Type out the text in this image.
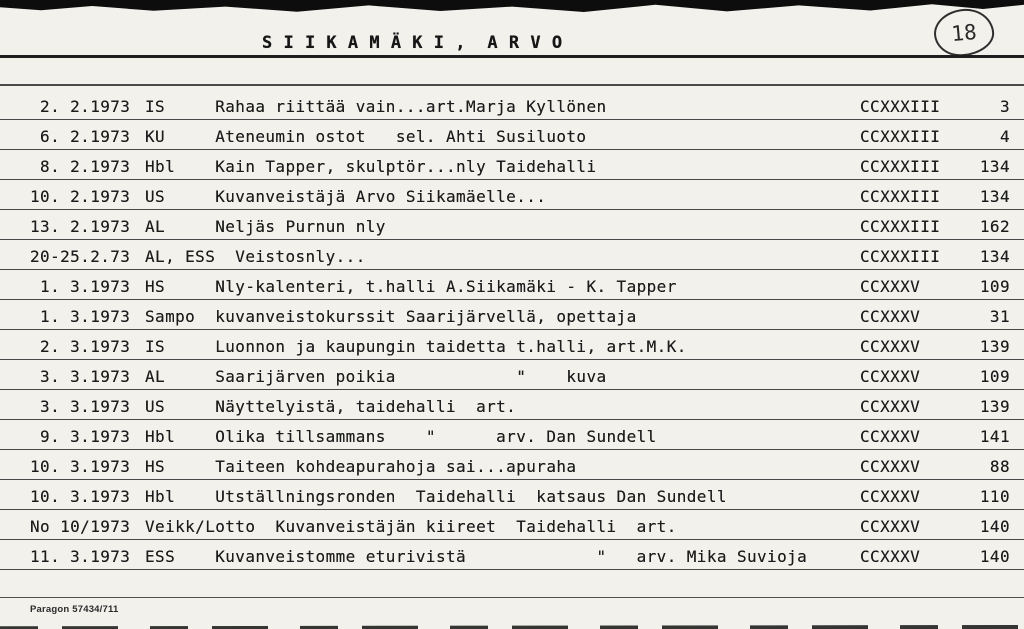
S I I K A M Ä K I ,  A R V O	18
2. 2.1973 IS     Rahaa riittää vain...art.Marja Kyllönen	CCXXXIII	3
6. 2.1973 KU     Ateneumin ostot   sel. Ahti Susiluoto	CCXXXIII	4
8. 2.1973 Hbl    Kain Tapper, skulptör...nly Taidehalli	CCXXXIII	134
10. 2.1973 US     Kuvanveistäjä Arvo Siikamäelle...	CCXXXIII	134
13. 2.1973 AL     Neljäs Purnun nly	CCXXXIII	162
20-25.2.73 AL, ESS  Veistosnly...	CCXXXIII	134
1. 3.1973 HS     Nly-kalenteri, t.halli A.Siikamäki - K. Tapper	CCXXXV	109
1. 3.1973 Sampo  kuvanveistokurssit Saarijärvellä, opettaja	CCXXXV	31
2. 3.1973 IS     Luonnon ja kaupungin taidetta t.halli, art.M.K.	CCXXXV	139
3. 3.1973 AL     Saarijärven poikia            "    kuva	CCXXXV	109
3. 3.1973 US     Näyttelyistä, taidehalli  art.	CCXXXV	139
9. 3.1973 Hbl    Olika tillsammans    "      arv. Dan Sundell	CCXXXV	141
10. 3.1973 HS     Taiteen kohdeapurahoja sai...apuraha	CCXXXV	88
10. 3.1973 Hbl    Utställningsronden  Taidehalli  katsaus Dan Sundell	CCXXXV	110
No 10/1973 Veikk/Lotto  Kuvanveistäjän kiireet  Taidehalli  art.	CCXXXV	140
11. 3.1973 ESS    Kuvanveistomme eturivistä             "   arv. Mika Suvioja	CCXXXV	140
Paragon 57434/711
